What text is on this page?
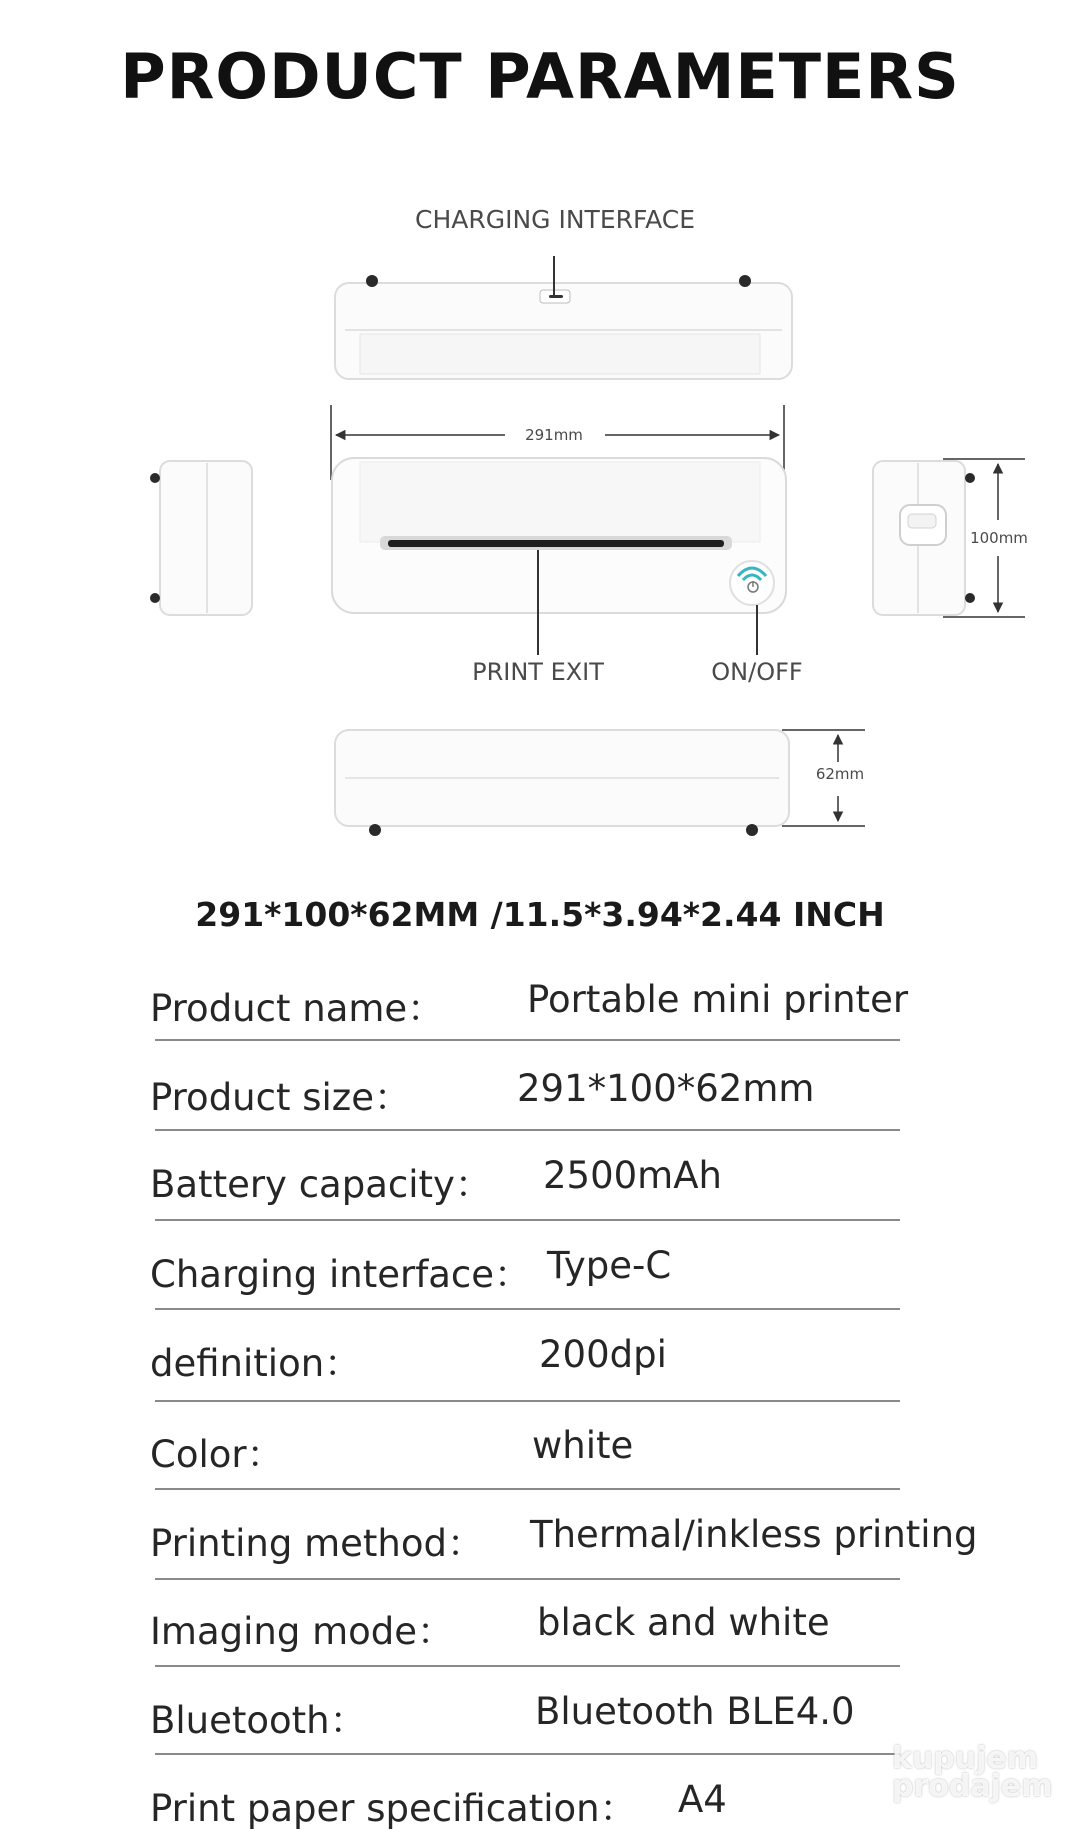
PRODUCT PARAMETERS
CHARGING INTERFACE
291mm
PRINT EXIT	ON/OFF
100mm
62mm
291*100*62MM /11.5*3.94*2.44 INCH
Product name： Portable mini printer
Product size：	291*100*62mm
Battery capacity： 2500mAh
Charging interface： Type-C
definition：	200dpi
Color：	white
Printing method： Thermal/inkless printing
Imaging mode： black and white
Bluetooth：	Bluetooth BLE4.0
Print paper specification： A4
kupujem
prodajem
